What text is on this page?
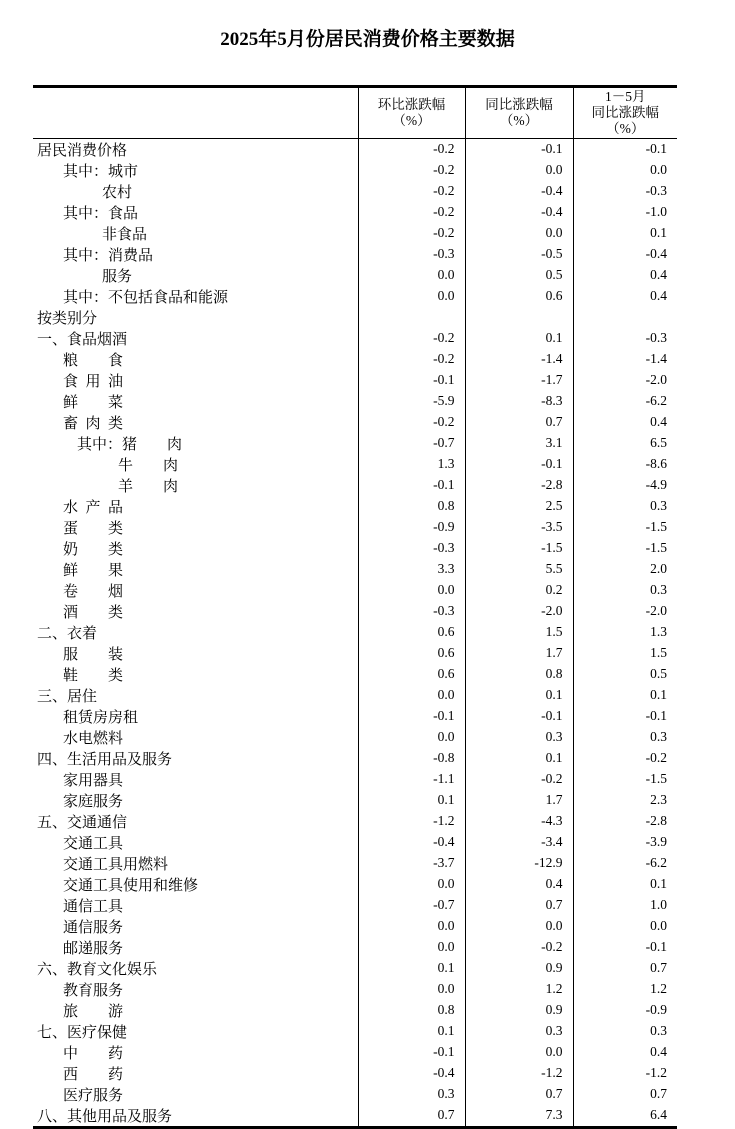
2025年5月份居民消费价格主要数据

环比涨跌幅
（%）

同比涨跌幅
（%）

1－5月
同比涨跌幅
（%）

居民消费价格	-0.2	-0.1	-0.1
其中：城市	-0.2	0.0	0.0
农村	-0.2	-0.4	-0.3
其中：食品	-0.2	-0.4	-1.0
非食品	-0.2	0.0	0.1
其中：消费品	-0.3	-0.5	-0.4
服务	0.0	0.5	0.4
其中：不包括食品和能源	0.0	0.6	0.4
按类别分			
一、食品烟酒	-0.2	0.1	-0.3
粮 食	-0.2	-1.4	-1.4
食 用 油	-0.1	-1.7	-2.0
鲜 菜	-5.9	-8.3	-6.2
畜 肉 类	-0.2	0.7	0.4
其中：猪 肉	-0.7	3.1	6.5
牛 肉	1.3	-0.1	-8.6
羊 肉	-0.1	-2.8	-4.9
水 产 品	0.8	2.5	0.3
蛋 类	-0.9	-3.5	-1.5
奶 类	-0.3	-1.5	-1.5
鲜 果	3.3	5.5	2.0
卷 烟	0.0	0.2	0.3
酒 类	-0.3	-2.0	-2.0
二、衣着	0.6	1.5	1.3
服 装	0.6	1.7	1.5
鞋 类	0.6	0.8	0.5
三、居住	0.0	0.1	0.1
租赁房房租	-0.1	-0.1	-0.1
水电燃料	0.0	0.3	0.3
四、生活用品及服务	-0.8	0.1	-0.2
家用器具	-1.1	-0.2	-1.5
家庭服务	0.1	1.7	2.3
五、交通通信	-1.2	-4.3	-2.8
交通工具	-0.4	-3.4	-3.9
交通工具用燃料	-3.7	-12.9	-6.2
交通工具使用和维修	0.0	0.4	0.1
通信工具	-0.7	0.7	1.0
通信服务	0.0	0.0	0.0
邮递服务	0.0	-0.2	-0.1
六、教育文化娱乐	0.1	0.9	0.7
教育服务	0.0	1.2	1.2
旅 游	0.8	0.9	-0.9
七、医疗保健	0.1	0.3	0.3
中 药	-0.1	0.0	0.4
西 药	-0.4	-1.2	-1.2
医疗服务	0.3	0.7	0.7
八、其他用品及服务	0.7	7.3	6.4
